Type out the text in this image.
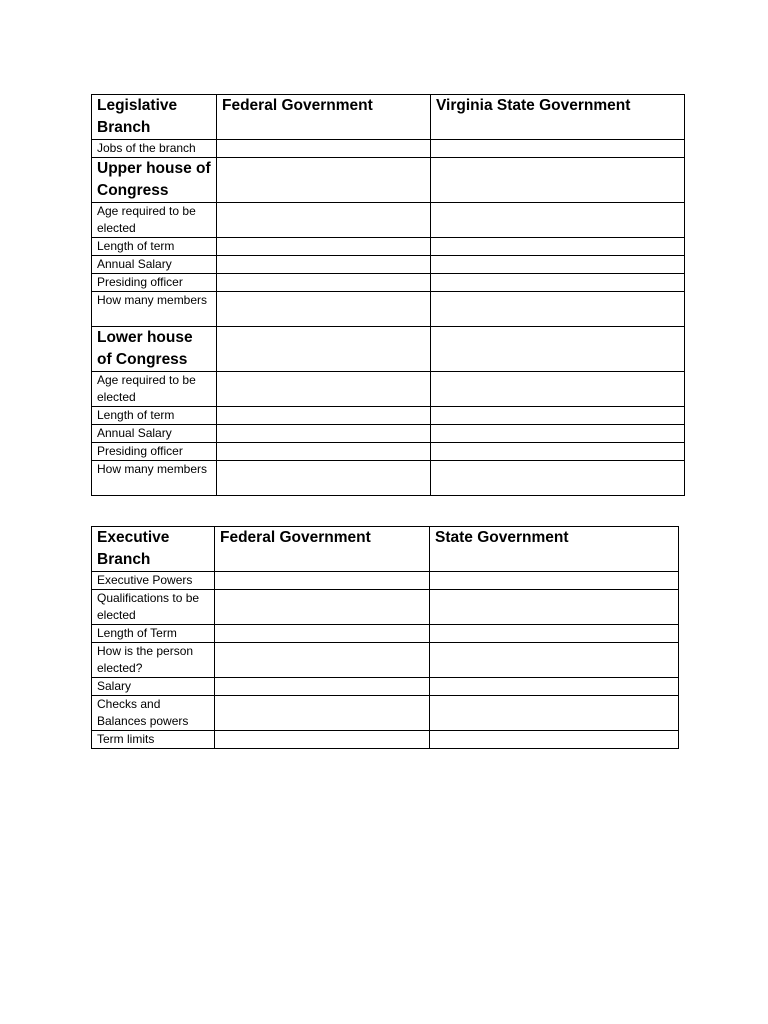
Legislative Branch	Federal Government	Virginia State Government
Jobs of the branch		
Upper house of Congress		
Age required to be elected		
Length of term		
Annual Salary		
Presiding officer		
How many members		
Lower house of Congress		
Age required to be elected		
Length of term		
Annual Salary		
Presiding officer		
How many members		
Executive Branch	Federal Government	State Government
Executive Powers		
Qualifications to be elected		
Length of Term		
How is the person elected?		
Salary		
Checks and Balances powers		
Term limits		
